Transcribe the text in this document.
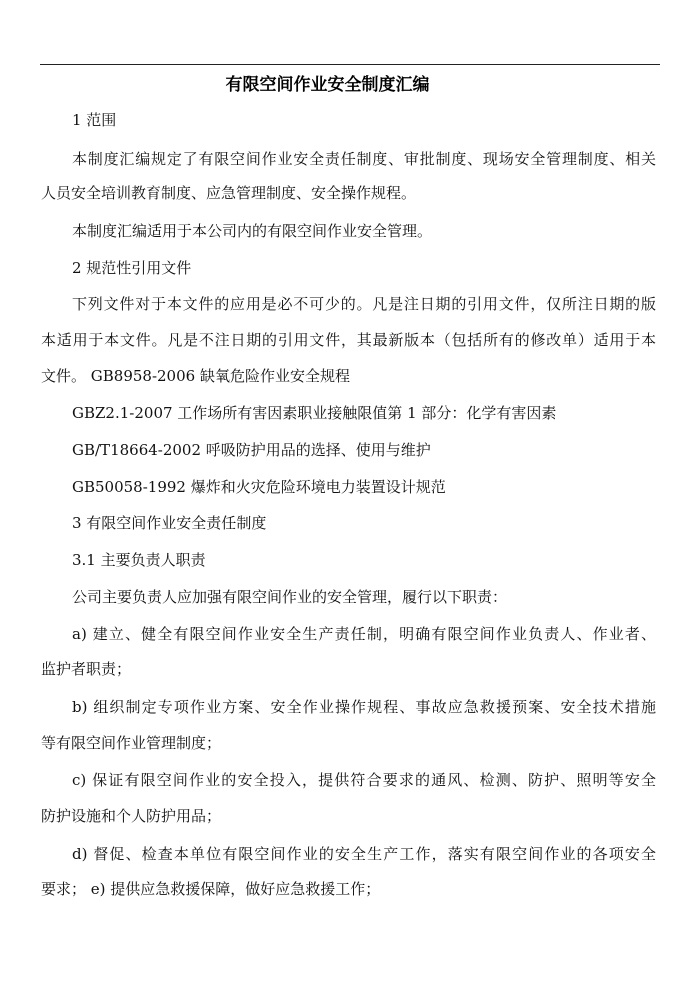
有限空间作业安全制度汇编
1 范围
本制度汇编规定了有限空间作业安全责任制度、审批制度、现场安全管理制度、相关
人员安全培训教育制度、应急管理制度、安全操作规程。
本制度汇编适用于本公司内的有限空间作业安全管理。
2 规范性引用文件
下列文件对于本文件的应用是必不可少的。凡是注日期的引用文件，仅所注日期的版
本适用于本文件。凡是不注日期的引用文件，其最新版本（包括所有的修改单）适用于本
文件。 GB8958-2006 缺氧危险作业安全规程
GBZ2.1-2007 工作场所有害因素职业接触限值第 1 部分：化学有害因素
GB/T18664-2002 呼吸防护用品的选择、使用与维护
GB50058-1992 爆炸和火灾危险环境电力装置设计规范
3 有限空间作业安全责任制度
3.1 主要负责人职责
公司主要负责人应加强有限空间作业的安全管理，履行以下职责：
a) 建立、健全有限空间作业安全生产责任制，明确有限空间作业负责人、作业者、
监护者职责；
b) 组织制定专项作业方案、安全作业操作规程、事故应急救援预案、安全技术措施
等有限空间作业管理制度；
c) 保证有限空间作业的安全投入，提供符合要求的通风、检测、防护、照明等安全
防护设施和个人防护用品；
d) 督促、检查本单位有限空间作业的安全生产工作，落实有限空间作业的各项安全
要求； e) 提供应急救援保障，做好应急救援工作；
